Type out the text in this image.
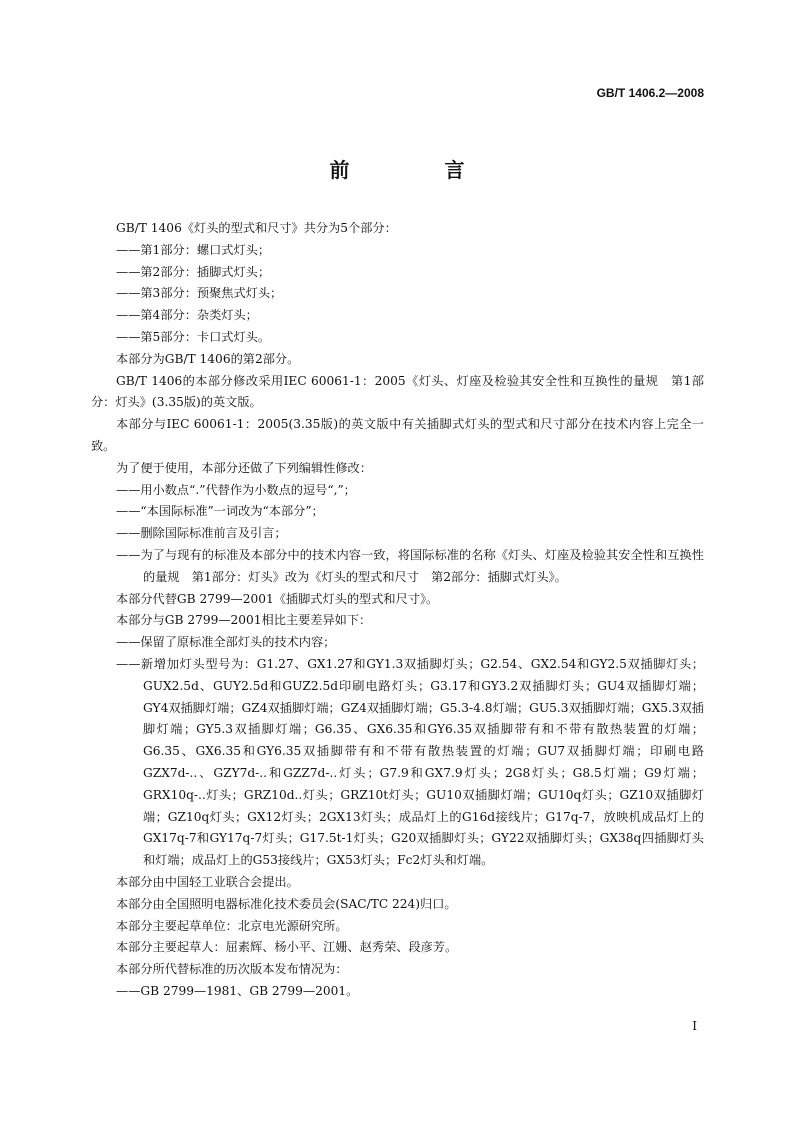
GB/T 1406.2—2008
前 言

GB/T 1406《灯头的型式和尺寸》共分为5个部分：

——第1部分：螺口式灯头；

——第2部分：插脚式灯头；

——第3部分：预聚焦式灯头；

——第4部分：杂类灯头；

——第5部分：卡口式灯头。

本部分为GB/T 1406的第2部分。

GB/T 1406的本部分修改采用IEC 60061-1：2005《灯头、灯座及检验其安全性和互换性的量规　第1部分：灯头》(3.35版)的英文版。

本部分与IEC 60061-1：2005(3.35版)的英文版中有关插脚式灯头的型式和尺寸部分在技术内容上完全一致。

为了便于使用，本部分还做了下列编辑性修改：

——用小数点“.”代替作为小数点的逗号“,”；

——“本国际标准”一词改为“本部分”；

——删除国际标准前言及引言；

——为了与现有的标准及本部分中的技术内容一致，将国际标准的名称《灯头、灯座及检验其安全性和互换性的量规　第1部分：灯头》改为《灯头的型式和尺寸　第2部分：插脚式灯头》。

本部分代替GB 2799—2001《插脚式灯头的型式和尺寸》。

本部分与GB 2799—2001相比主要差异如下：

——保留了原标准全部灯头的技术内容；

——新增加灯头型号为：G1.27、GX1.27和GY1.3双插脚灯头；G2.54、GX2.54和GY2.5双插脚灯头；GUX2.5d、GUY2.5d和GUZ2.5d印刷电路灯头；G3.17和GY3.2双插脚灯头；GU4双插脚灯端；GY4双插脚灯端；GZ4双插脚灯端；GZ4双插脚灯端；G5.3-4.8灯端；GU5.3双插脚灯端；GX5.3双插脚灯端；GY5.3双插脚灯端；G6.35、GX6.35和GY6.35双插脚带有和不带有散热装置的灯端；G6.35、GX6.35和GY6.35双插脚带有和不带有散热装置的灯端；GU7双插脚灯端；印刷电路GZX7d-..、GZY7d-..和GZZ7d-..灯头；G7.9和GX7.9灯头；2G8灯头；G8.5灯端；G9灯端；GRX10q-..灯头；GRZ10d..灯头；GRZ10t灯头；GU10双插脚灯端；GU10q灯头；GZ10双插脚灯端；GZ10q灯头；GX12灯头；2GX13灯头；成品灯上的G16d接线片；G17q-7，放映机成品灯上的GX17q-7和GY17q-7灯头；G17.5t-1灯头；G20双插脚灯头；GY22双插脚灯头；GX38q四插脚灯头和灯端；成品灯上的G53接线片；GX53灯头；Fc2灯头和灯端。

本部分由中国轻工业联合会提出。

本部分由全国照明电器标准化技术委员会(SAC/TC 224)归口。

本部分主要起草单位：北京电光源研究所。

本部分主要起草人：屈素辉、杨小平、江姗、赵秀荣、段彦芳。

本部分所代替标准的历次版本发布情况为：

——GB 2799—1981、GB 2799—2001。

I
